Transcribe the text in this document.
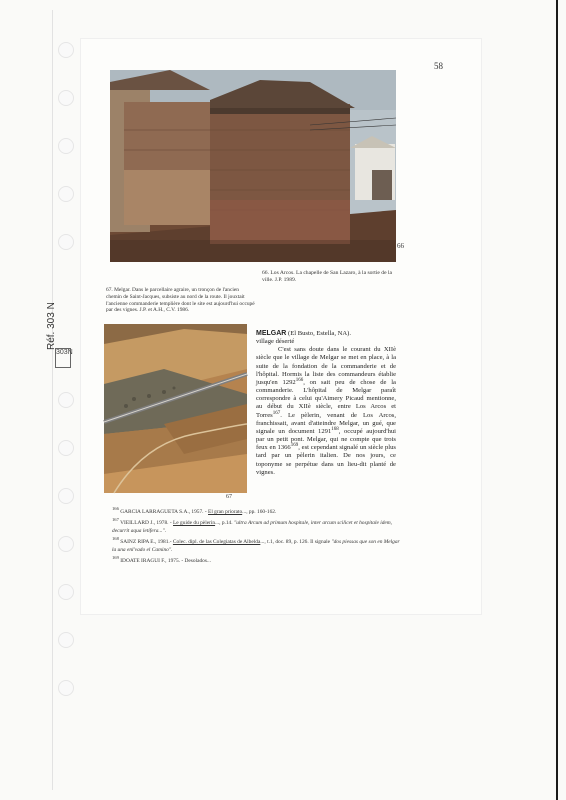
Réf. 303 N
303N
58
66
66. Los Arcos. La chapelle de San Lazaro, à la sortie de la ville. J.P. 1989.
67. Melgar. Dans le parcellaire agraire, un tronçon de l'ancien chemin de Saint-Jacques, subsiste au nord de la route. Il jouxtait l'ancienne commanderie templière dont le site est aujourd'hui occupé par des vignes. J.P. et A.H., C.V. 1986.
67
MELGAR (El Busto, Estella, NA).
village déserté

C'est sans doute dans le courant du XIIè siècle que le village de Melgar se met en place, à la suite de la fondation de la commanderie et de l'hôpital. Hormis la liste des commandeurs établie jusqu'en 1292$^{166}$, on sait peu de chose de la commanderie. L'hôpital de Melgar paraît correspondre à celui qu'Aimery Picaud mentionne, au début du XIIè siècle, entre Los Arcos et Torres$^{167}$. Le pèlerin, venant de Los Arcos, franchissait, avant d'atteindre Melgar, un gué, que signale un document 1291$^{168}$, occupé aujourd'hui par un petit pont. Melgar, qui ne compte que trois feux en 1366$^{169}$, est cependant signalé un siècle plus tard par un pèlerin italien. De nos jours, ce toponyme se perpétue dans un lieu-dit planté de vignes.

$^{166}$ GARCIA LARRAGUETA S.A., 1957. - El gran priorato..., pp. 160-162.
$^{167}$ VIEILLARD J., 1978. - Le guide du pèlerin..., p.14. "ultra Arcum ad primum hospitale, inter arcum scilicet et hospitale idem, decurrit aqua letifera...".
$^{168}$ SAINZ RIPA E., 1981.- Colec. dipl. de las Colegiatas de Albelda..., t.1, doc. 89, p. 126. Il signale "dos piessas que son en Melgar la una enl'vado el Camino".
$^{169}$ IDOATE IRAGUI F., 1975. - Desolados...
